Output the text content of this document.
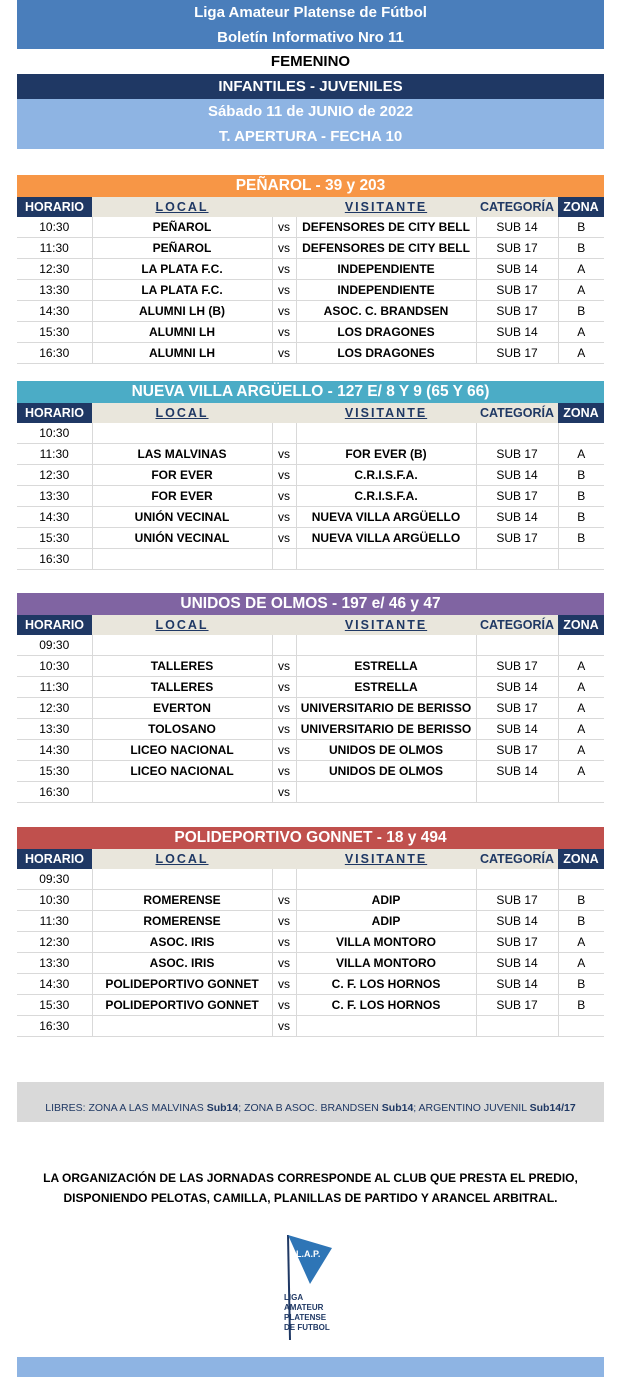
Liga Amateur Platense de Fútbol
Boletín Informativo Nro 11
FEMENINO
INFANTILES - JUVENILES
Sábado 11 de JUNIO de 2022
T. APERTURA - FECHA 10
PEÑAROL - 39 y 203
HORARIO	LOCAL		VISITANTE	CATEGORÍA	ZONA
10:30	PEÑAROL	vs	DEFENSORES DE CITY BELL	SUB 14	B
11:30	PEÑAROL	vs	DEFENSORES DE CITY BELL	SUB 17	B
12:30	LA PLATA F.C.	vs	INDEPENDIENTE	SUB 14	A
13:30	LA PLATA F.C.	vs	INDEPENDIENTE	SUB 17	A
14:30	ALUMNI LH (B)	vs	ASOC. C. BRANDSEN	SUB 17	B
15:30	ALUMNI LH	vs	LOS DRAGONES	SUB 14	A
16:30	ALUMNI LH	vs	LOS DRAGONES	SUB 17	A
NUEVA VILLA ARGÜELLO - 127 E/ 8 Y 9 (65 Y 66)
HORARIO	LOCAL		VISITANTE	CATEGORÍA	ZONA
10:30					
11:30	LAS MALVINAS	vs	FOR EVER (B)	SUB 17	A
12:30	FOR EVER	vs	C.R.I.S.F.A.	SUB 14	B
13:30	FOR EVER	vs	C.R.I.S.F.A.	SUB 17	B
14:30	UNIÓN VECINAL	vs	NUEVA VILLA ARGÜELLO	SUB 14	B
15:30	UNIÓN VECINAL	vs	NUEVA VILLA ARGÜELLO	SUB 17	B
16:30					
UNIDOS DE OLMOS - 197 e/ 46 y 47
HORARIO	LOCAL		VISITANTE	CATEGORÍA	ZONA
09:30					
10:30	TALLERES	vs	ESTRELLA	SUB 17	A
11:30	TALLERES	vs	ESTRELLA	SUB 14	A
12:30	EVERTON	vs	UNIVERSITARIO DE BERISSO	SUB 17	A
13:30	TOLOSANO	vs	UNIVERSITARIO DE BERISSO	SUB 14	A
14:30	LICEO NACIONAL	vs	UNIDOS DE OLMOS	SUB 17	A
15:30	LICEO NACIONAL	vs	UNIDOS DE OLMOS	SUB 14	A
16:30		vs			
POLIDEPORTIVO GONNET - 18 y 494
HORARIO	LOCAL		VISITANTE	CATEGORÍA	ZONA
09:30					
10:30	ROMERENSE	vs	ADIP	SUB 17	B
11:30	ROMERENSE	vs	ADIP	SUB 14	B
12:30	ASOC. IRIS	vs	VILLA MONTORO	SUB 17	A
13:30	ASOC. IRIS	vs	VILLA MONTORO	SUB 14	A
14:30	POLIDEPORTIVO GONNET	vs	C. F. LOS HORNOS	SUB 14	B
15:30	POLIDEPORTIVO GONNET	vs	C. F. LOS HORNOS	SUB 17	B
16:30		vs			
LIBRES: ZONA A LAS MALVINAS Sub14; ZONA B ASOC. BRANDSEN Sub14; ARGENTINO JUVENIL Sub14/17
LA ORGANIZACIÓN DE LAS JORNADAS CORRESPONDE AL CLUB QUE PRESTA EL PREDIO,
DISPONIENDO PELOTAS, CAMILLA, PLANILLAS DE PARTIDO Y ARANCEL ARBITRAL.
L.A.P.
LIGA
AMATEUR
PLATENSE
DE FUTBOL
